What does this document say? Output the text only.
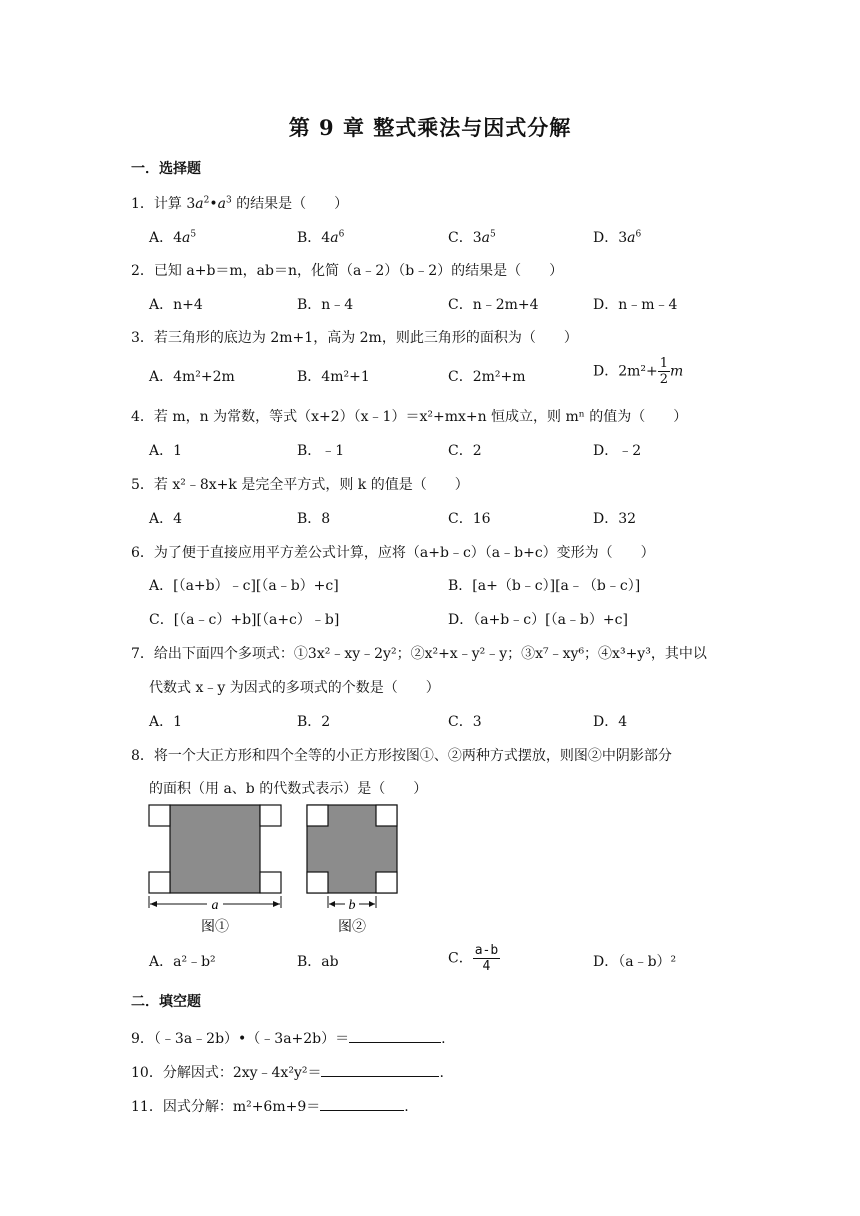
第 9 章 整式乘法与因式分解
一．选择题
1．计算 $3a^2•a^3$ 的结果是（　　）
A．$4a^5$	B．$4a^6$	C．$3a^5$	D．$3a^6$
2．已知 a+b＝m，ab＝n，化简（a﹣2）（b﹣2）的结果是（　　）
A．n+4	B．n﹣4	C．n﹣2m+4	D．n﹣m﹣4
3．若三角形的底边为 2m+1，高为 2m，则此三角形的面积为（　　）
A．4m²+2m	B．4m²+1	C．2m²+m	D．$2m^2+ \frac{1}{2}$ m
4．若 m，n 为常数，等式（x+2）（x﹣1）＝x²+mx+n 恒成立，则 mⁿ 的值为（　　）
A．1	B．﹣1	C．2	D．﹣2
5．若 x²﹣8x+k 是完全平方式，则 k 的值是（　　）
A．4	B．8	C．16	D．32
6．为了便于直接应用平方差公式计算，应将（a+b﹣c）（a﹣b+c）变形为（　　）
A．[（a+b）﹣c][（a﹣b）+c]	B．[a+（b﹣c）][a﹣（b﹣c）]
C．[（a﹣c）+b][（a+c）﹣b]	D．（a+b﹣c）[（a﹣b）+c]
7．给出下面四个多项式：①3x²﹣xy﹣2y²；②x²+x﹣y²﹣y；③x⁷﹣xy⁶；④x³+y³，其中以
代数式 x﹣y 为因式的多项式的个数是（　　）
A．1	B．2	C．3	D．4
8．将一个大正方形和四个全等的小正方形按图①、②两种方式摆放，则图②中阴影部分
的面积（用 a、b 的代数式表示）是（　　）
a
图①
b
图②
A．a²﹣b²	B．ab	C． $\frac{a-b}{4}$	D．（a﹣b）²
二．填空题
9．（﹣3a﹣2b）•（﹣3a+2b）＝	.
10．分解因式：2xy﹣4x²y²＝	.
11．因式分解：m²+6m+9＝	.
